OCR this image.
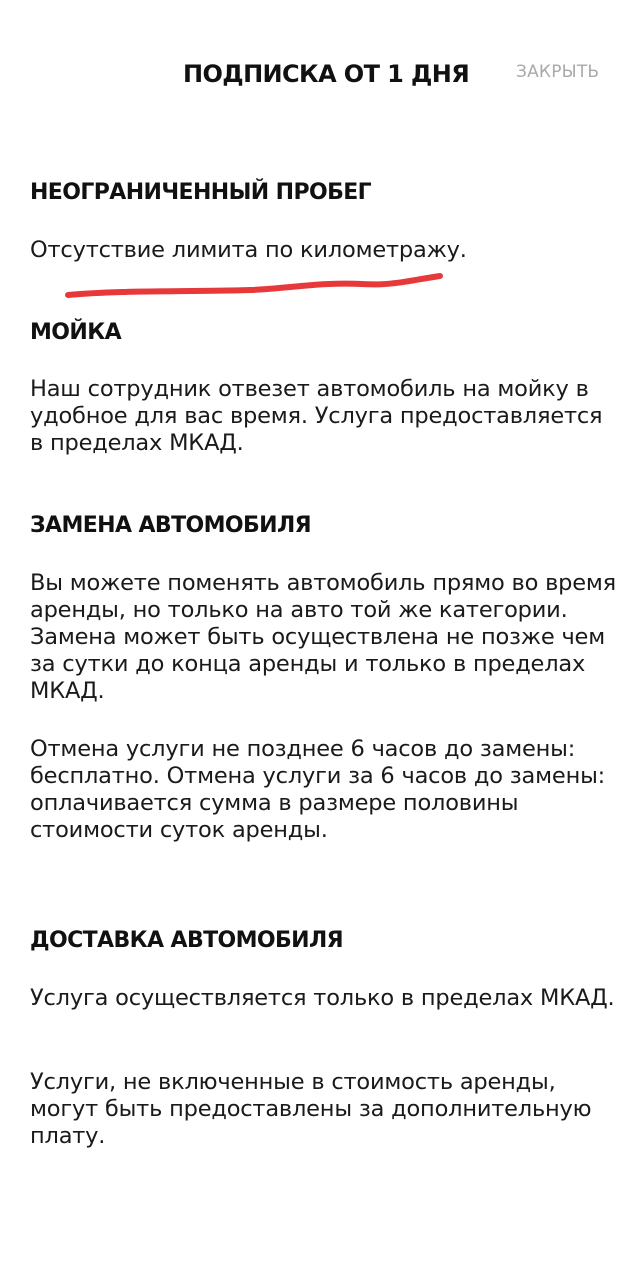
ПОДПИСКА ОТ 1 ДНЯ	ЗАКРЫТЬ
НЕОГРАНИЧЕННЫЙ ПРОБЕГ
Отсутствие лимита по километражу.
МОЙКА
Наш сотрудник отвезет автомобиль на мойку в удобное для вас время. Услуга предоставляется в пределах МКАД.
ЗАМЕНА АВТОМОБИЛЯ
Вы можете поменять автомобиль прямо во время аренды, но только на авто той же категории. Замена может быть осуществлена не позже чем за сутки до конца аренды и только в пределах МКАД.
Отмена услуги не позднее 6 часов до замены: бесплатно. Отмена услуги за 6 часов до замены: оплачивается сумма в размере половины стоимости суток аренды.
ДОСТАВКА АВТОМОБИЛЯ
Услуга осуществляется только в пределах МКАД.
Услуги, не включенные в стоимость аренды, могут быть предоставлены за дополнительную плату.
